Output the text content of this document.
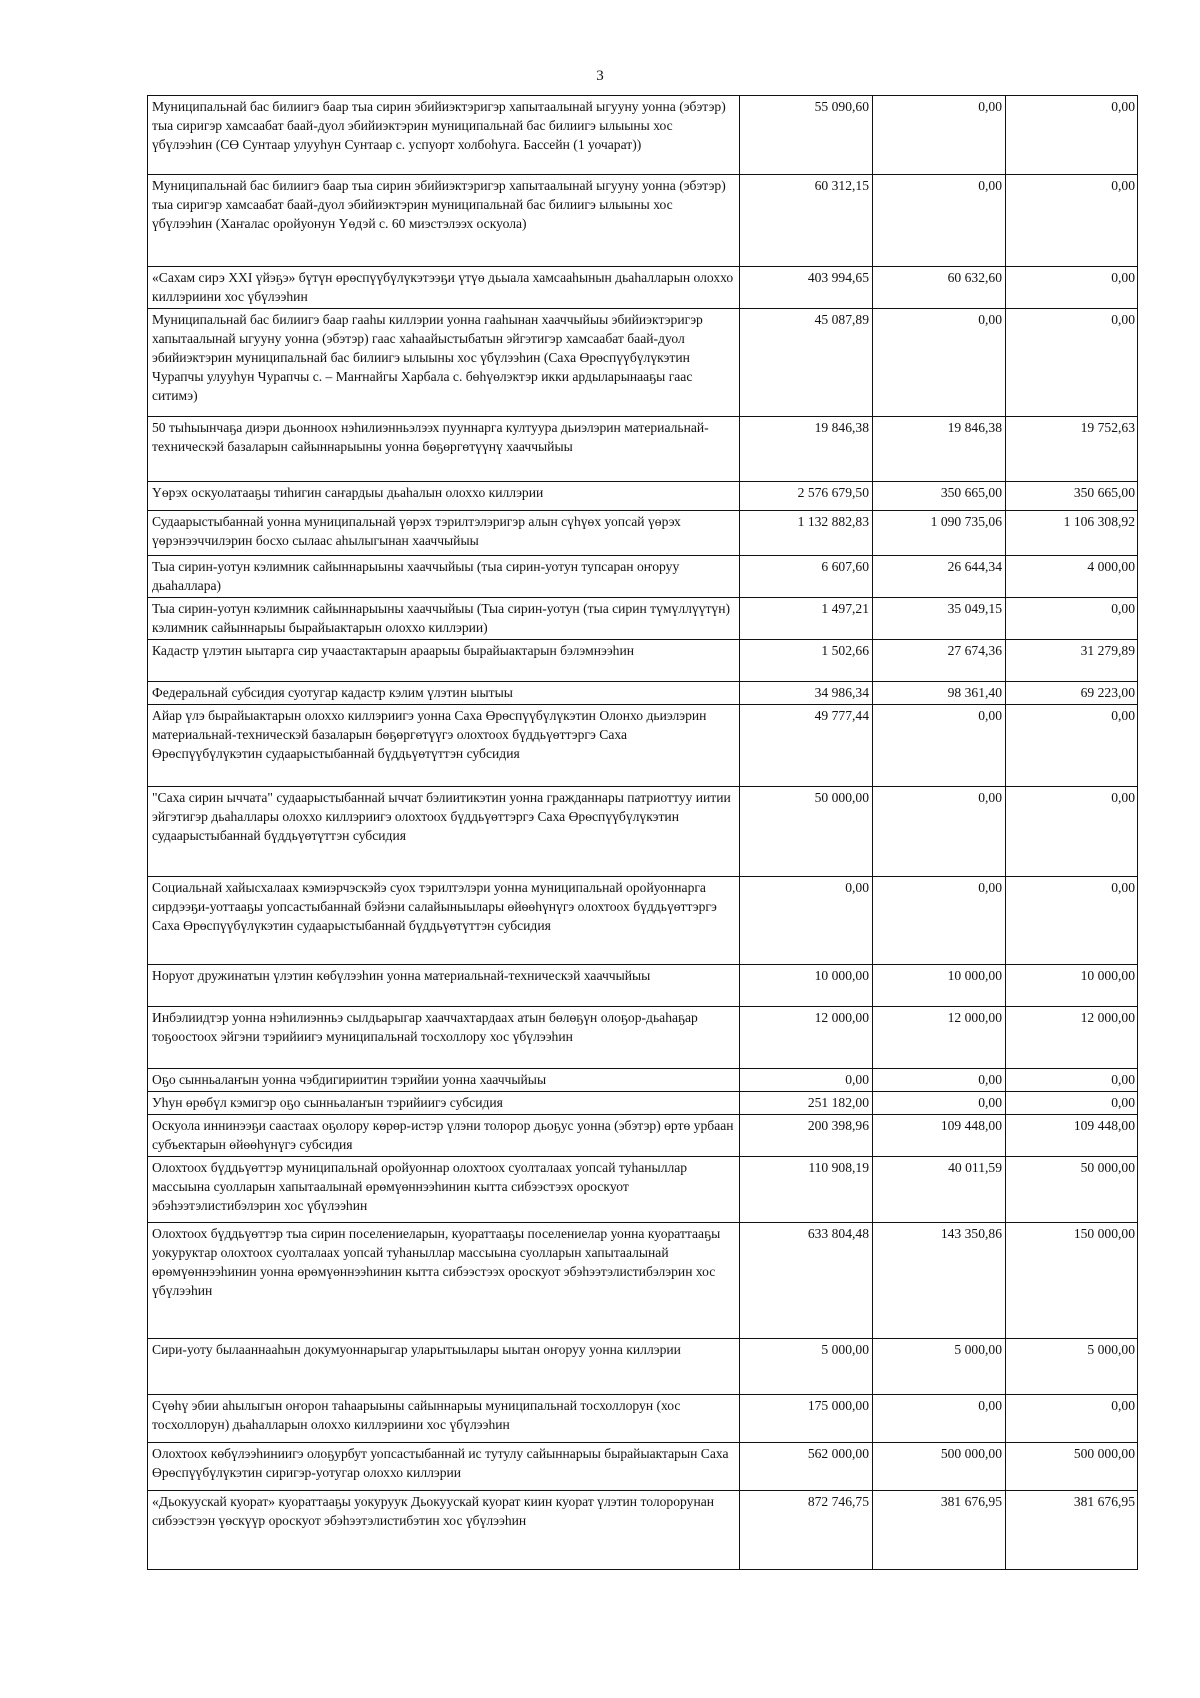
3
Муниципальнай бас билиигэ баар тыа сирин эбийиэктэригэр хапытаалынай ыгууну уонна (эбэтэр) тыа сиригэр хамсаабат баай-дуол эбийиэктэрин муниципальнай бас билиигэ ылыыны хос үбүлээһин (СӨ Сунтаар улууһун Сунтаар с. успуорт холбоһуга. Бассейн (1 уочарат))	55 090,60	0,00	0,00
Муниципальнай бас билиигэ баар тыа сирин эбийиэктэригэр хапытаалынай ыгууну уонна (эбэтэр) тыа сиригэр хамсаабат баай-дуол эбийиэктэрин муниципальнай бас билиигэ ылыыны хос үбүлээһин (Хаҥалас оройуонун Үөдэй с. 60 миэстэлээх оскуола)	60 312,15	0,00	0,00
«Сахам сирэ XXI үйэҕэ» бүтүн өрөспүүбүлүкэтээҕи үтүө дьыала хамсааһынын дьаһалларын олоххо киллэриини хос үбүлээһин	403 994,65	60 632,60	0,00
Муниципальнай бас билиигэ баар гааһы киллэрии уонна гааһынан хааччыйыы эбийиэктэригэр хапытаалынай ыгууну уонна (эбэтэр) гаас хаһаайыстыбатын эйгэтигэр хамсаабат баай-дуол эбийиэктэрин муниципальнай бас билиигэ ылыыны хос үбүлээһин (Саха Өрөспүүбүлүкэтин Чурапчы улууһун Чурапчы с. – Маҥнайгы Харбала с. бөһүөлэктэр икки ардыларынааҕы гаас ситимэ)	45 087,89	0,00	0,00
50 тыһыынчаҕа диэри дьонноох нэһилиэнньэлээх пууннарга култуура дьиэлэрин материальнай-техническэй базаларын сайыннарыыны уонна бөҕөргөтүүнү хааччыйыы	19 846,38	19 846,38	19 752,63
Үөрэх оскуолатааҕы тиһигин саҥардыы дьаһалын олоххо киллэрии	2 576 679,50	350 665,00	350 665,00
Судаарыстыбаннай уонна муниципальнай үөрэх тэрилтэлэригэр алын сүһүөх уопсай үөрэх үөрэнээччилэрин босхо сылаас аһылыгынан хааччыйыы	1 132 882,83	1 090 735,06	1 106 308,92
Тыа сирин-уотун кэлимник сайыннарыыны хааччыйыы (тыа сирин-уотун тупсаран оҥоруу дьаһаллара)	6 607,60	26 644,34	4 000,00
Тыа сирин-уотун кэлимник сайыннарыыны хааччыйыы (Тыа сирин-уотун (тыа сирин түмүллүүтүн) кэлимник сайыннарыы бырайыактарын олоххо киллэрии)	1 497,21	35 049,15	0,00
Кадастр үлэтин ыытарга сир учаастактарын араарыы бырайыактарын бэлэмнээһин	1 502,66	27 674,36	31 279,89
Федеральнай субсидия суотугар кадастр кэлим үлэтин ыытыы	34 986,34	98 361,40	69 223,00
Айар үлэ бырайыактарын олоххо киллэриигэ уонна Саха Өрөспүүбүлүкэтин Олонхо дьиэлэрин материальнай-техническэй базаларын бөҕөргөтүүгэ олохтоох бүддьүөттэргэ Саха Өрөспүүбүлүкэтин судаарыстыбаннай бүддьүөтүттэн субсидия	49 777,44	0,00	0,00
"Саха сирин ыччата" судаарыстыбаннай ыччат бэлиитикэтин уонна гражданнары патриоттуу иитии эйгэтигэр дьаһаллары олоххо киллэриигэ олохтоох бүддьүөттэргэ Саха Өрөспүүбүлүкэтин судаарыстыбаннай бүддьүөтүттэн субсидия	50 000,00	0,00	0,00
Социальнай хайысхалаах кэмиэрчэскэйэ суох тэрилтэлэри уонна муниципальнай оройуоннарга сирдээҕи-уоттааҕы уопсастыбаннай бэйэни салайыныылары өйөөһүнүгэ олохтоох бүддьүөттэргэ Саха Өрөспүүбүлүкэтин судаарыстыбаннай бүддьүөтүттэн субсидия	0,00	0,00	0,00
Норуот дружинатын үлэтин көбүлээһин уонна материальнай-техническэй хааччыйыы	10 000,00	10 000,00	10 000,00
Инбэлиидтэр уонна нэһилиэнньэ сылдьарыгар хааччахтардаах атын бөлөҕүн олоҕор-дьаһаҕар тоҕоостоох эйгэни тэрийиигэ муниципальнай тосхоллору хос үбүлээһин	12 000,00	12 000,00	12 000,00
Оҕо сынньалаҥын уонна чэбдигириитин тэрийии уонна хааччыйыы	0,00	0,00	0,00
Уһун өрөбүл кэмигэр оҕо сынньалаҥын тэрийиигэ субсидия	251 182,00	0,00	0,00
Оскуола иннинээҕи саастаах оҕолору көрөр-истэр үлэни толорор дьоҕус уонна (эбэтэр) өртө урбаан субъектарын өйөөһүнүгэ субсидия	200 398,96	109 448,00	109 448,00
Олохтоох бүддьүөттэр муниципальнай оройуоннар олохтоох суолталаах уопсай туһаныллар массыына суолларын хапытаалынай өрөмүөннээһинин кытта сибээстээх ороскуот эбэһээтэлистибэлэрин хос үбүлээһин	110 908,19	40 011,59	50 000,00
Олохтоох бүддьүөттэр тыа сирин поселениеларын, куораттааҕы поселениелар уонна куораттааҕы уокуруктар олохтоох суолталаах уопсай туһаныллар массыына суолларын хапытаалынай өрөмүөннээһинин уонна өрөмүөннээһинин кытта сибээстээх ороскуот эбэһээтэлистибэлэрин хос үбүлээһин	633 804,48	143 350,86	150 000,00
Сири-уоту былааннааһын докумуоннарыгар уларытыылары ыытан оҥоруу уонна киллэрии	5 000,00	5 000,00	5 000,00
Сүөһү эбии аһылыгын оҥорон таһаарыыны сайыннарыы муниципальнай тосхоллорун (хос тосхоллорун) дьаһалларын олоххо киллэриини хос үбүлээһин	175 000,00	0,00	0,00
Олохтоох көбүлээһиниигэ олоҕурбут уопсастыбаннай ис тутулу сайыннарыы бырайыактарын Саха Өрөспүүбүлүкэтин сиригэр-уотугар олоххо киллэрии	562 000,00	500 000,00	500 000,00
«Дьокуускай куорат» куораттааҕы уокуруук Дьокуускай куорат киин куорат үлэтин толорорунан сибээстээн үөскүүр ороскуот эбэһээтэлистибэтин хос үбүлээһин	872 746,75	381 676,95	381 676,95
